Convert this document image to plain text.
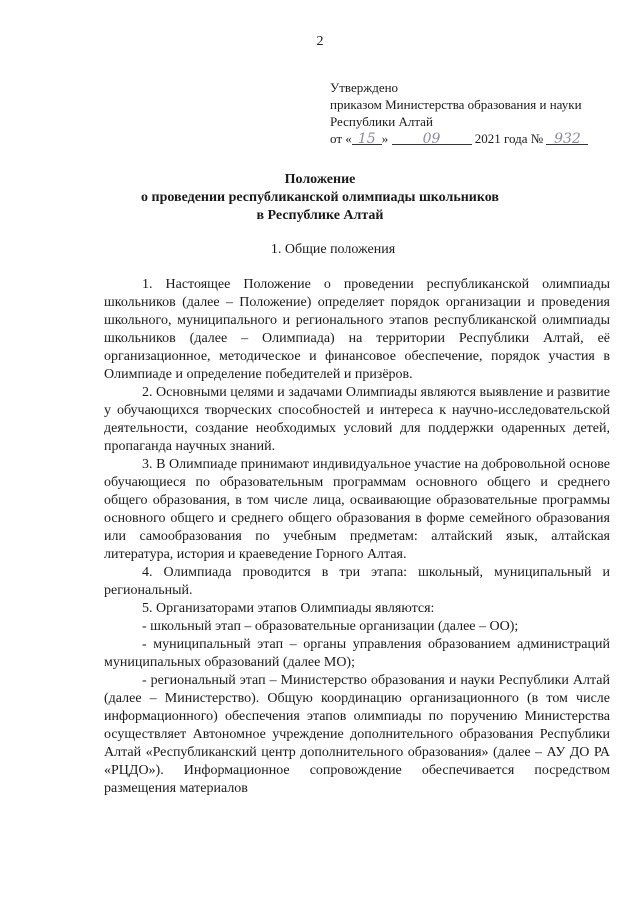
2
Утверждено
приказом Министерства образования и науки
Республики Алтай
от « 15 » 09	2021 года № 932
Положение
о проведении республиканской олимпиады школьников
в Республике Алтай
1. Общие положения

1. Настоящее Положение о проведении республиканской олимпиады школьников (далее – Положение) определяет порядок организации и проведения школьного, муниципального и регионального этапов республиканской олимпиады школьников (далее – Олимпиада) на территории Республики Алтай, её организационное, методическое и финансовое обеспечение, порядок участия в Олимпиаде и определение победителей и призёров.

2. Основными целями и задачами Олимпиады являются выявление и развитие у обучающихся творческих способностей и интереса к научно-исследовательской деятельности, создание необходимых условий для поддержки одаренных детей, пропаганда научных знаний.

3. В Олимпиаде принимают индивидуальное участие на добровольной основе обучающиеся по образовательным программам основного общего и среднего общего образования, в том числе лица, осваивающие образовательные программы основного общего и среднего общего образования в форме семейного образования или самообразования по учебным предметам: алтайский язык, алтайская литература, история и краеведение Горного Алтая.

4. Олимпиада проводится в три этапа: школьный, муниципальный и региональный.

5. Организаторами этапов Олимпиады являются:

- школьный этап – образовательные организации (далее – ОО);

- муниципальный этап – органы управления образованием администраций муниципальных образований (далее МО);

- региональный этап – Министерство образования и науки Республики Алтай (далее – Министерство). Общую координацию организационного (в том числе информационного) обеспечения этапов олимпиады по поручению Министерства осуществляет Автономное учреждение дополнительного образования Республики Алтай «Республиканский центр дополнительного образования» (далее – АУ ДО РА «РЦДО»). Информационное сопровождение обеспечивается посредством размещения материалов
